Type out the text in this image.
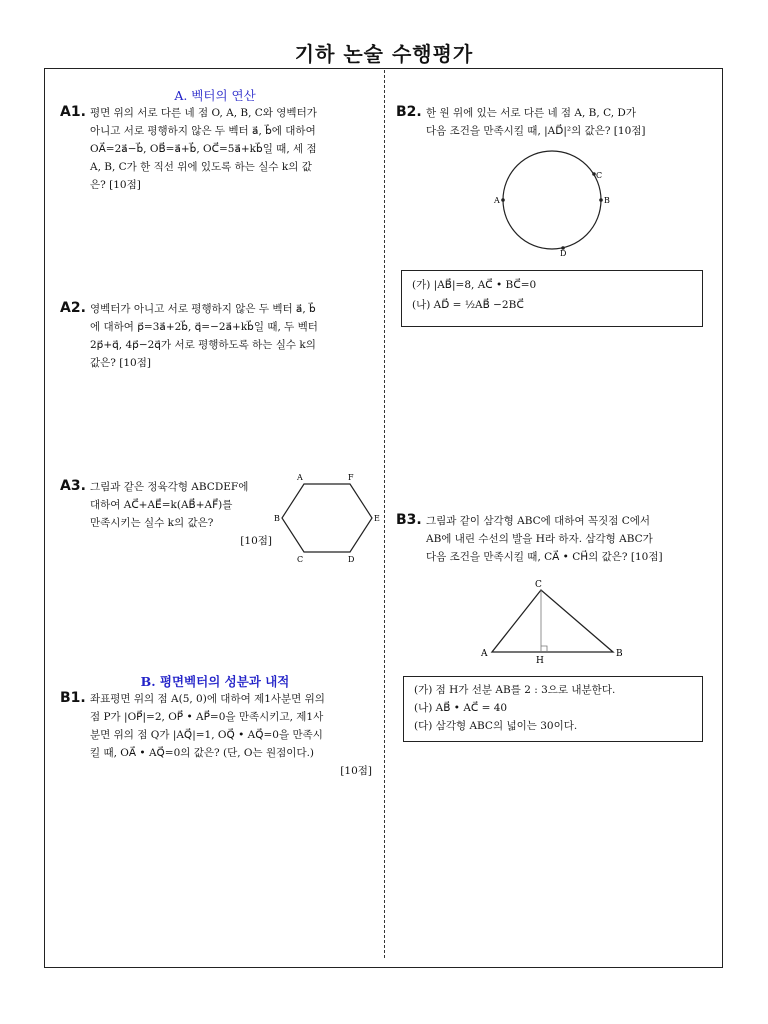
기하 논술 수행평가
A. 벡터의 연산
A1. 평면 위의 서로 다른 네 점 O, A, B, C와 영벡터가
아니고 서로 평행하지 않은 두 벡터 a⃗, b⃗에 대하여
OA⃗=2a⃗−b⃗, OB⃗=a⃗+b⃗, OC⃗=5a⃗+kb⃗일 때, 세 점
A, B, C가 한 직선 위에 있도록 하는 실수 k의 값
은? [10점]
A2. 영벡터가 아니고 서로 평행하지 않은 두 벡터 a⃗, b⃗
에 대하여 p⃗=3a⃗+2b⃗, q⃗=−2a⃗+kb⃗일 때, 두 벡터
2p⃗+q⃗, 4p⃗−2q⃗가 서로 평행하도록 하는 실수 k의
값은? [10점]
A3. 그림과 같은 정육각형 ABCDEF에
대하여 AC⃗+AE⃗=k(AB⃗+AF⃗)를
만족시키는 실수 k의 값은?
[10점]
A	F
B	E
C	D
B. 평면벡터의 성분과 내적
B1. 좌표평면 위의 점 A(5, 0)에 대하여 제1사분면 위의
점 P가 |OP⃗|=2, OP⃗ • AP⃗=0을 만족시키고, 제1사
분면 위의 점 Q가 |AQ⃗|=1, OQ⃗ • AQ⃗=0을 만족시
킬 때, OA⃗ • AQ⃗=0의 값은? (단, O는 원점이다.)
[10점]
B2. 한 원 위에 있는 서로 다른 네 점 A, B, C, D가
다음 조건을 만족시킬 때, |AD⃗|²의 값은? [10점]
A	B
C
D
(가) |AB⃗|=8, AC⃗ • BC⃗=0
(나) AD⃗ = ½AB⃗ −2BC⃗
B3. 그림과 같이 삼각형 ABC에 대하여 꼭짓점 C에서
AB에 내린 수선의 발을 H라 하자. 삼각형 ABC가
다음 조건을 만족시킬 때, CA⃗ • CH⃗의 값은? [10점]
A	B
C
H
(가) 점 H가 선분 AB를 2 : 3으로 내분한다.
(나) AB⃗ • AC⃗ = 40
(다) 삼각형 ABC의 넓이는 30이다.
